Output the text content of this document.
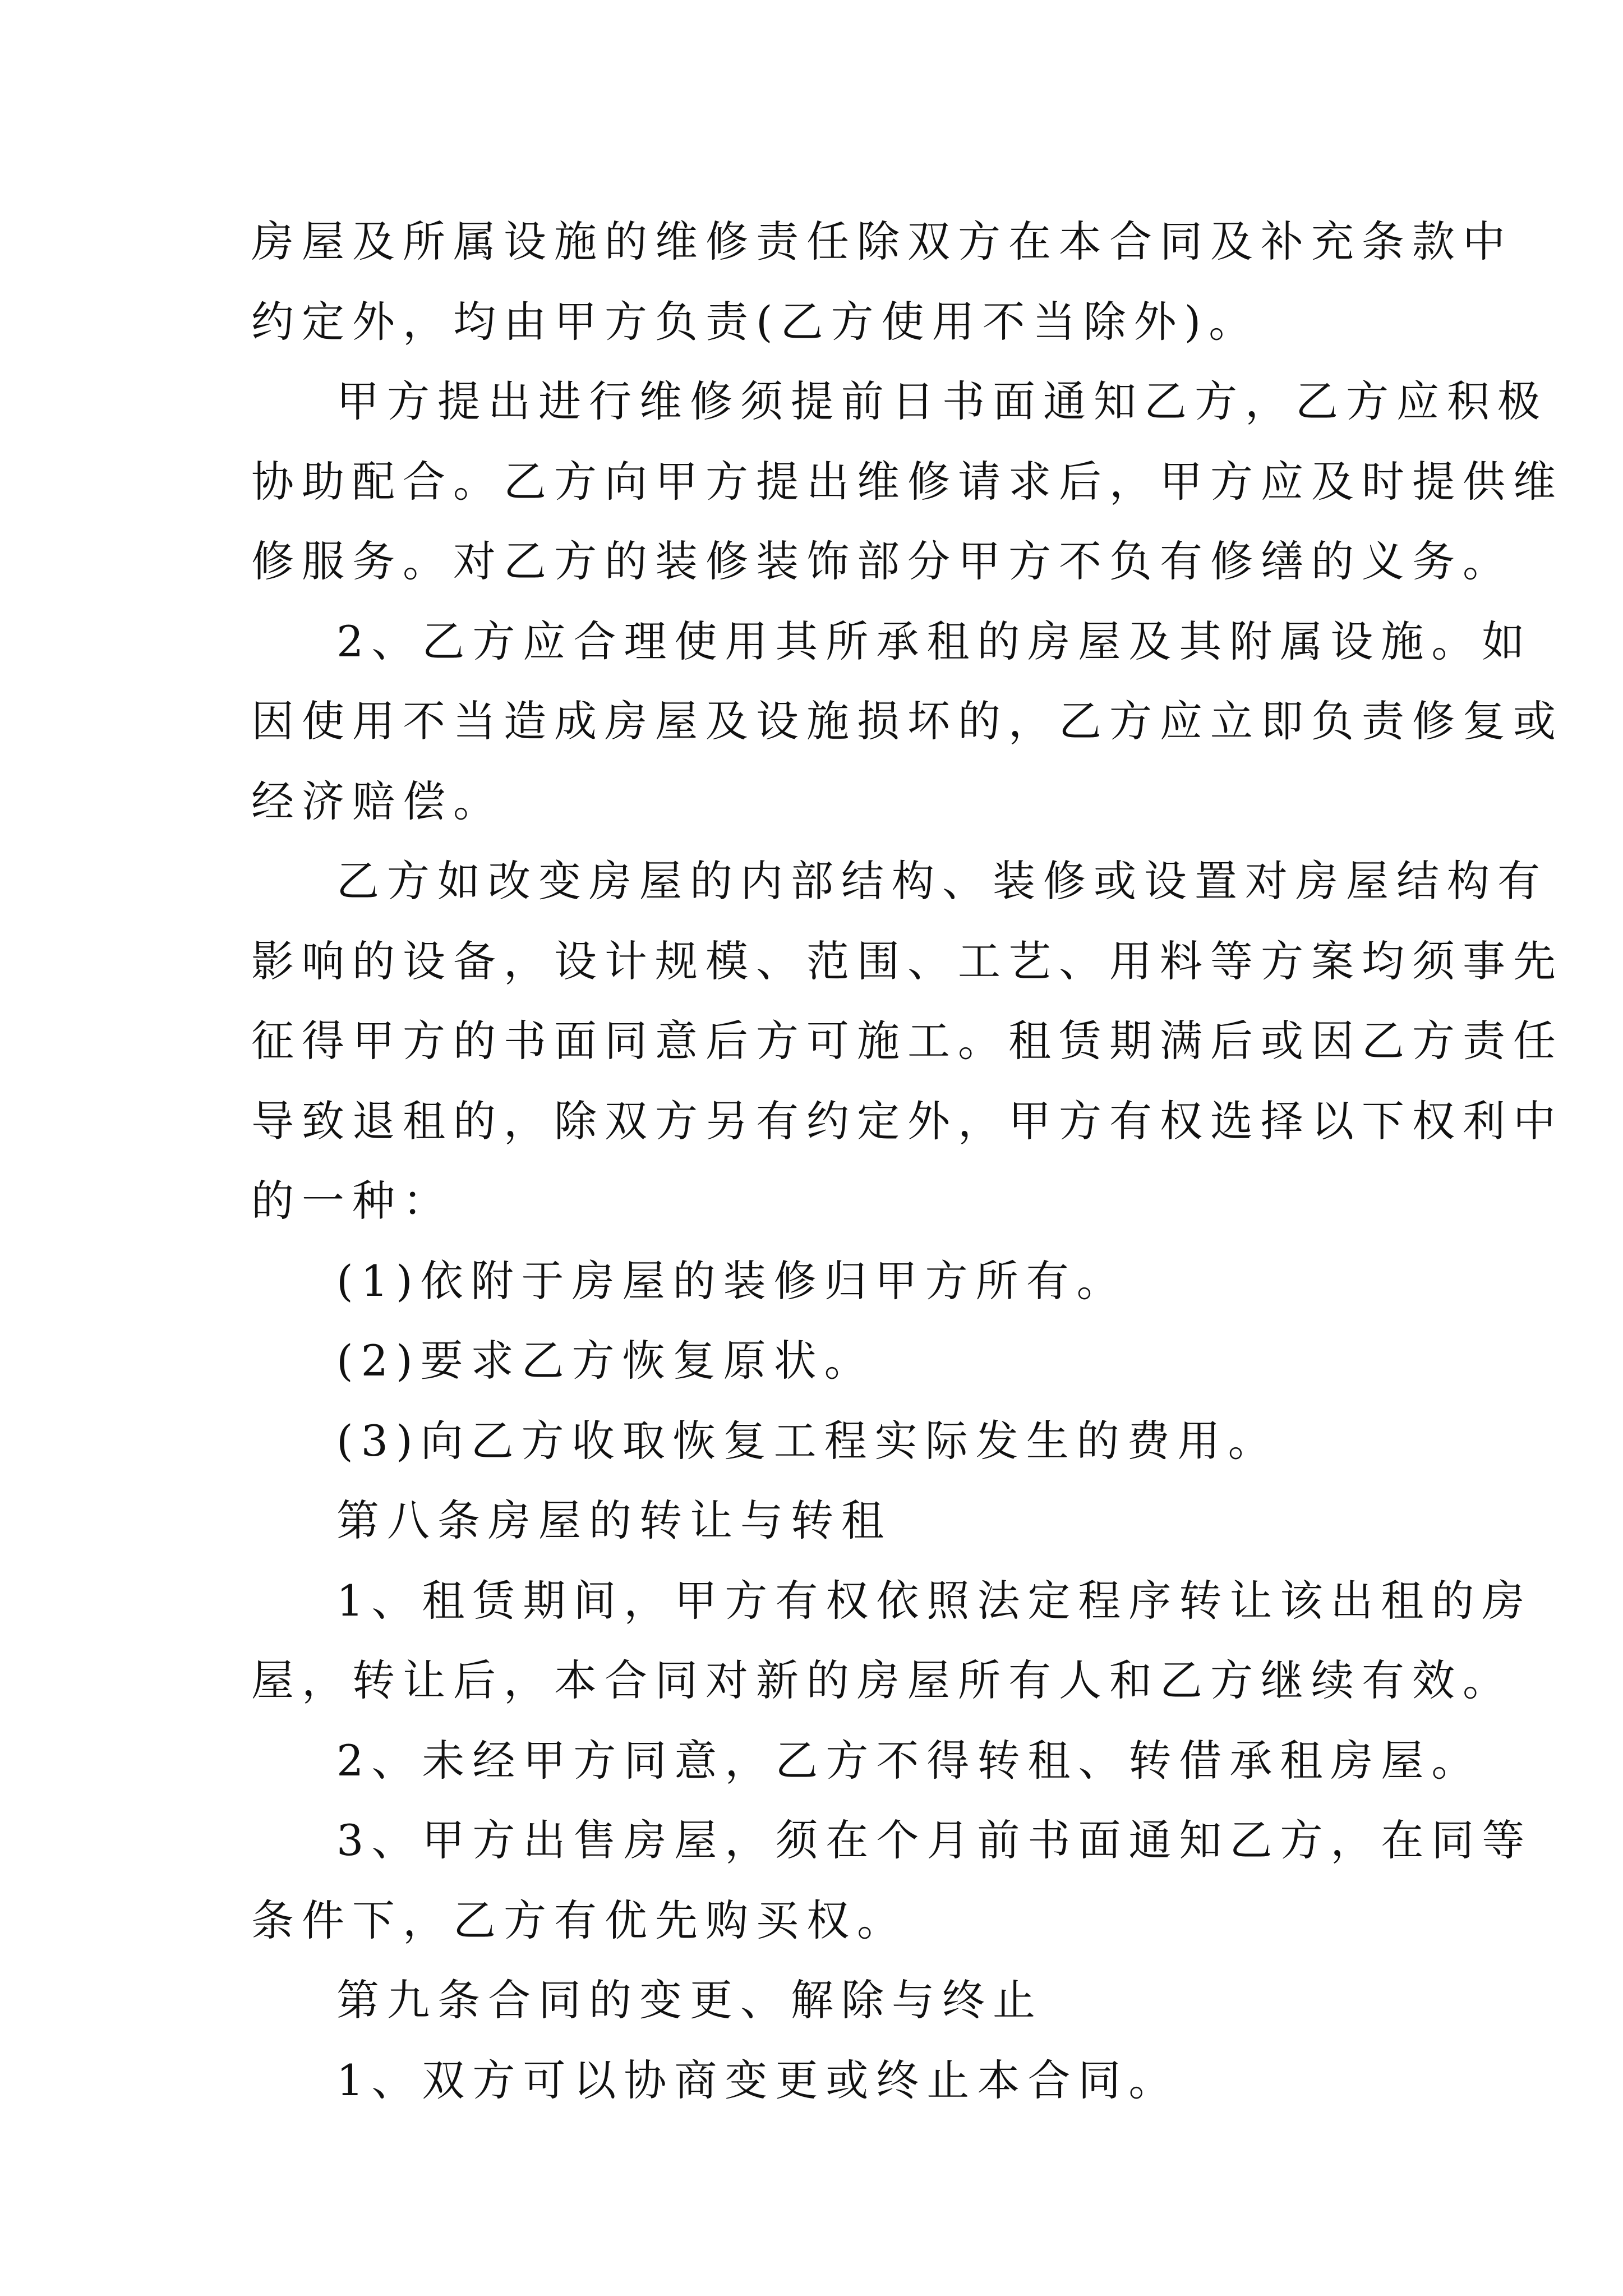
房屋及所属设施的维修责任除双方在本合同及补充条款中
约定外，均由甲方负责(乙方使用不当除外)。

甲方提出进行维修须提前日书面通知乙方，乙方应积极
协助配合。乙方向甲方提出维修请求后，甲方应及时提供维
修服务。对乙方的装修装饰部分甲方不负有修缮的义务。

2、乙方应合理使用其所承租的房屋及其附属设施。如
因使用不当造成房屋及设施损坏的，乙方应立即负责修复或
经济赔偿。

乙方如改变房屋的内部结构、装修或设置对房屋结构有
影响的设备，设计规模、范围、工艺、用料等方案均须事先
征得甲方的书面同意后方可施工。租赁期满后或因乙方责任
导致退租的，除双方另有约定外，甲方有权选择以下权利中
的一种：

(1)依附于房屋的装修归甲方所有。

(2)要求乙方恢复原状。

(3)向乙方收取恢复工程实际发生的费用。

第八条房屋的转让与转租

1、租赁期间，甲方有权依照法定程序转让该出租的房
屋，转让后，本合同对新的房屋所有人和乙方继续有效。

2、未经甲方同意，乙方不得转租、转借承租房屋。

3、甲方出售房屋，须在个月前书面通知乙方，在同等
条件下，乙方有优先购买权。

第九条合同的变更、解除与终止

1、双方可以协商变更或终止本合同。
